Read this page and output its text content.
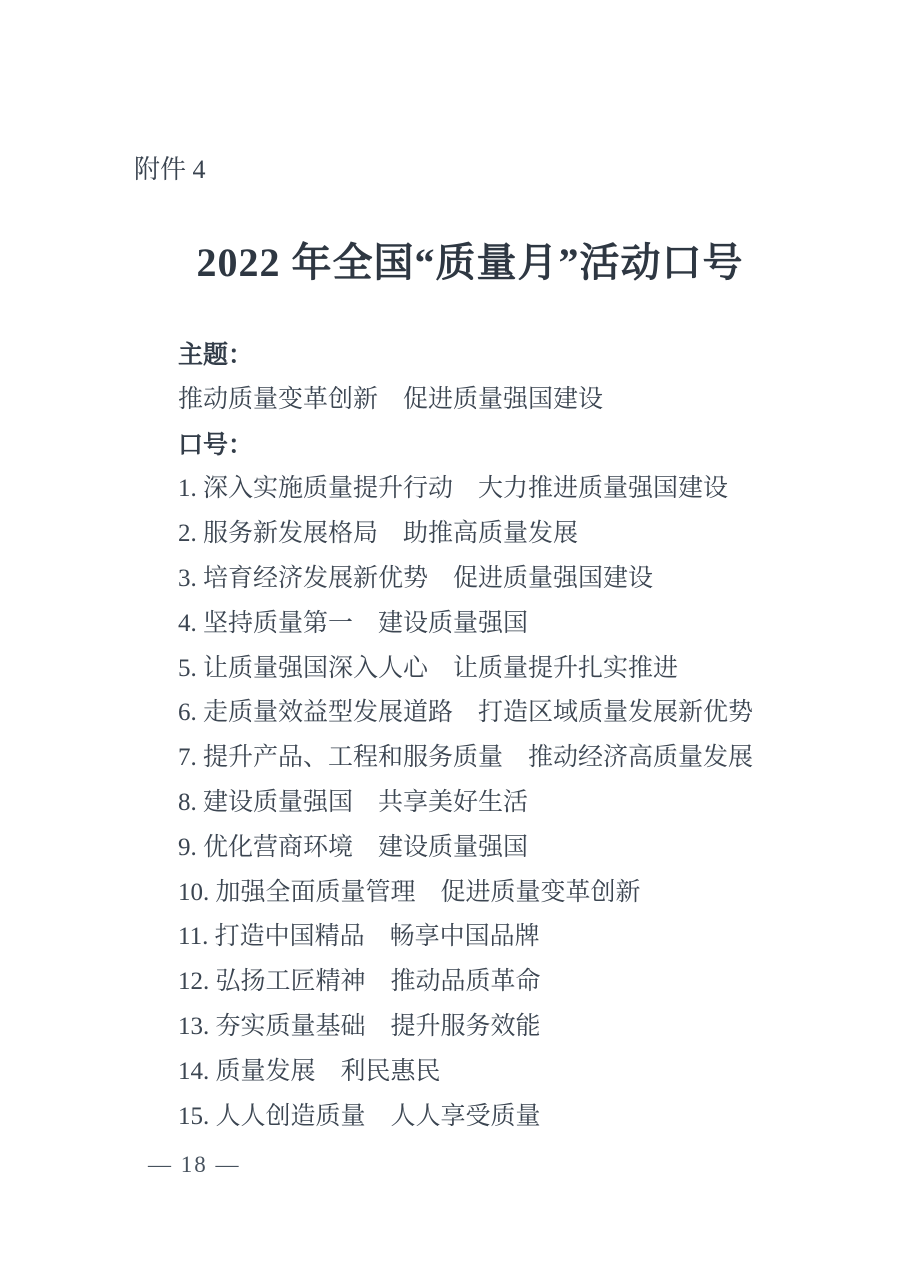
附件 4
2022 年全国“质量月”活动口号
主题：
推动质量变革创新　促进质量强国建设
口号：
1. 深入实施质量提升行动　大力推进质量强国建设
2. 服务新发展格局　助推高质量发展
3. 培育经济发展新优势　促进质量强国建设
4. 坚持质量第一　建设质量强国
5. 让质量强国深入人心　让质量提升扎实推进
6. 走质量效益型发展道路　打造区域质量发展新优势
7. 提升产品、工程和服务质量　推动经济高质量发展
8. 建设质量强国　共享美好生活
9. 优化营商环境　建设质量强国
10. 加强全面质量管理　促进质量变革创新
11. 打造中国精品　畅享中国品牌
12. 弘扬工匠精神　推动品质革命
13. 夯实质量基础　提升服务效能
14. 质量发展　利民惠民
15. 人人创造质量　人人享受质量
— 18 —
